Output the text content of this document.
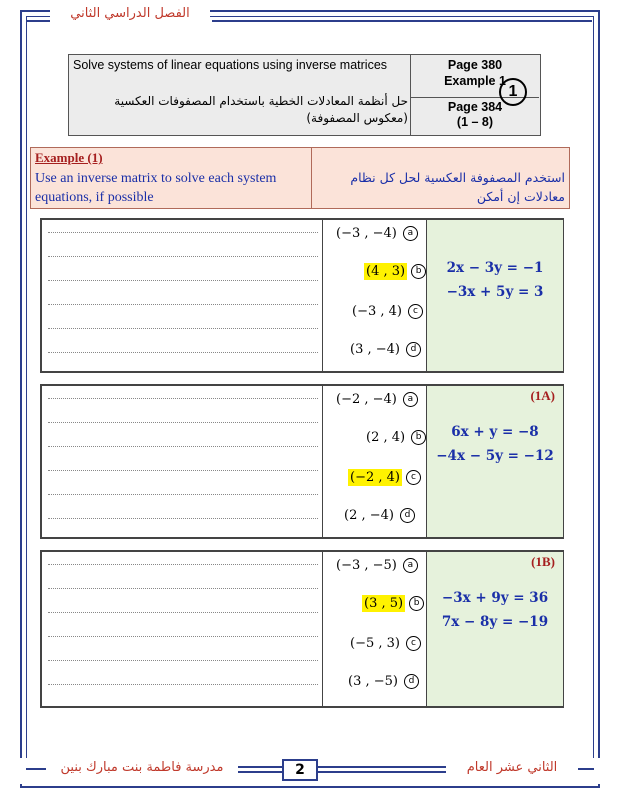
الفصل الدراسي الثاني
Solve systems of linear equations using inverse matrices
حل أنظمة المعادلات الخطية باستخدام المصفوفات العكسية (معكوس المصفوفة)
Page 380
Example 1
Page 384
(1 – 8)
1
Example (1)
Use an inverse matrix to solve each system equations, if possible
استخدم المصفوفة العكسية لحل كل نظام معادلات إن أمكن
(−3 , −4) a
(4 , 3) b
(−3 , 4) c
(3 , −4) d
2x − 3y = −1
−3x + 5y = 3
(−2 , −4) a
(2 , 4) b
(−2 , 4) c
(2 , −4) d
(1A)
6x + y = −8
−4x − 5y = −12
(−3 , −5) a
(3 , 5) b
(−5 , 3) c
(3 , −5) d
(1B)
−3x + 9y = 36
7x − 8y = −19
مدرسة فاطمة بنت مبارك بنين	2	الثاني عشر العام
